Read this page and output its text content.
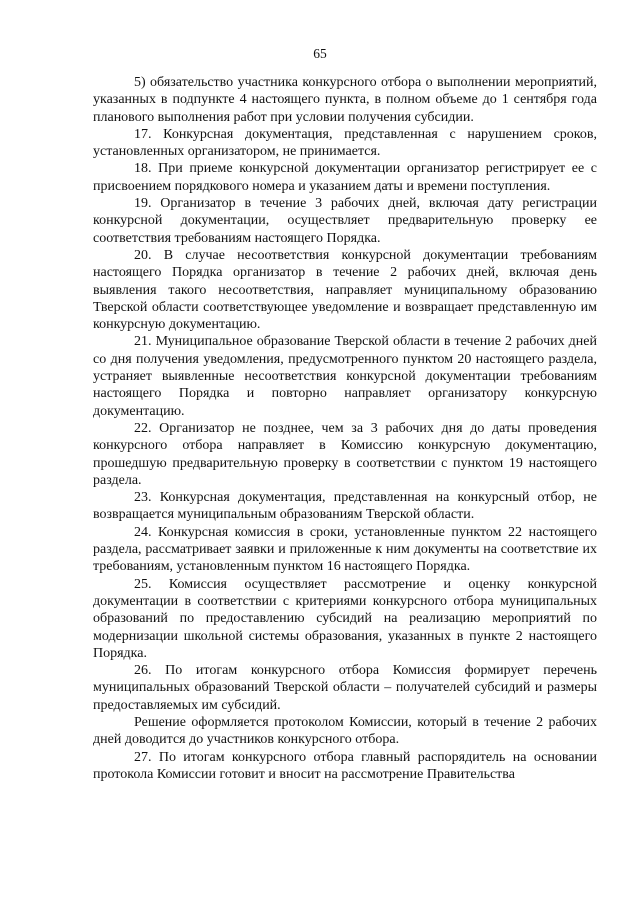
65

5) обязательство участника конкурсного отбора о выполнении мероприятий, указанных в подпункте 4 настоящего пункта, в полном объеме до 1 сентября года планового выполнения работ при условии получения субсидии.

17. Конкурсная документация, представленная с нарушением сроков, установленных организатором, не принимается.

18. При приеме конкурсной документации организатор регистрирует ее с присвоением порядкового номера и указанием даты и времени поступления.

19. Организатор в течение 3 рабочих дней, включая дату регистрации конкурсной документации, осуществляет предварительную проверку ее соответствия требованиям настоящего Порядка.

20. В случае несоответствия конкурсной документации требованиям настоящего Порядка организатор в течение 2 рабочих дней, включая день выявления такого несоответствия, направляет муниципальному образованию Тверской области соответствующее уведомление и возвращает представленную им конкурсную документацию.

21. Муниципальное образование Тверской области в течение 2 рабочих дней со дня получения уведомления, предусмотренного пунктом 20 настоящего раздела, устраняет выявленные несоответствия конкурсной документации требованиям настоящего Порядка и повторно направляет организатору конкурсную документацию.

22. Организатор не позднее, чем за 3 рабочих дня до даты проведения конкурсного отбора направляет в Комиссию конкурсную документацию, прошедшую предварительную проверку в соответствии с пунктом 19 настоящего раздела.

23. Конкурсная документация, представленная на конкурсный отбор, не возвращается муниципальным образованиям Тверской области.

24. Конкурсная комиссия в сроки, установленные пунктом 22 настоящего раздела, рассматривает заявки и приложенные к ним документы на соответствие их требованиям, установленным пунктом 16 настоящего Порядка.

25. Комиссия осуществляет рассмотрение и оценку конкурсной документации в соответствии с критериями конкурсного отбора муниципальных образований по предоставлению субсидий на реализацию мероприятий по модернизации школьной системы образования, указанных в пункте 2 настоящего Порядка.

26. По итогам конкурсного отбора Комиссия формирует перечень муниципальных образований Тверской области – получателей субсидий и размеры предоставляемых им субсидий.

Решение оформляется протоколом Комиссии, который в течение 2 рабочих дней доводится до участников конкурсного отбора.

27. По итогам конкурсного отбора главный распорядитель на основании протокола Комиссии готовит и вносит на рассмотрение Правительства
